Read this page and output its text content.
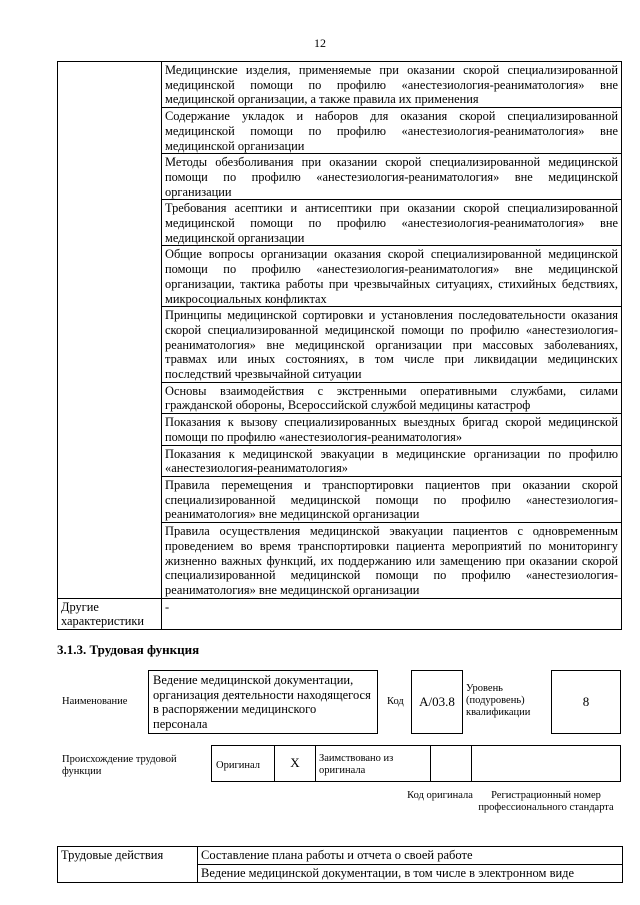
12
	Медицинские изделия, применяемые при оказании скорой специализированной медицинской помощи по профилю «анестезиология-реаниматология» вне медицинской организации, а также правила их применения
	Содержание укладок и наборов для оказания скорой специализированной медицинской помощи по профилю «анестезиология-реаниматология» вне медицинской организации
	Методы обезболивания при оказании скорой специализированной медицинской помощи по профилю «анестезиология-реаниматология» вне медицинской организации
	Требования асептики и антисептики при оказании скорой специализированной медицинской помощи по профилю «анестезиология-реаниматология» вне медицинской организации
	Общие вопросы организации оказания скорой специализированной медицинской помощи по профилю «анестезиология-реаниматология» вне медицинской организации, тактика работы при чрезвычайных ситуациях, стихийных бедствиях, микросоциальных конфликтах
	Принципы медицинской сортировки и установления последовательности оказания скорой специализированной медицинской помощи по профилю «анестезиология-реаниматология» вне медицинской организации при массовых заболеваниях, травмах или иных состояниях, в том числе при ликвидации медицинских последствий чрезвычайной ситуации
	Основы взаимодействия с экстренными оперативными службами, силами гражданской обороны, Всероссийской службой медицины катастроф
	Показания к вызову специализированных выездных бригад скорой медицинской помощи по профилю «анестезиология-реаниматология»
	Показания к медицинской эвакуации в медицинские организации по профилю «анестезиология-реаниматология»
	Правила перемещения и транспортировки пациентов при оказании скорой специализированной медицинской помощи по профилю «анестезиология-реаниматология» вне медицинской организации
	Правила осуществления медицинской эвакуации пациентов с одновременным проведением во время транспортировки пациента мероприятий по мониторингу жизненно важных функций, их поддержанию или замещению при оказании скорой специализированной медицинской помощи по профилю «анестезиология-реаниматология» вне медицинской организации
Другие характеристики	-
3.1.3. Трудовая функция
Наименование
Ведение медицинской документации, организация деятельности находящегося в распоряжении медицинского персонала
Код	A/03.8
Уровень (подуровень) квалификации
8
Происхождение трудовой функции
Оригинал	X	Заимствовано из оригинала
Код оригинала	Регистрационный номер профессионального стандарта
Трудовые действия	Составление плана работы и отчета о своей работе
Ведение медицинской документации, в том числе в электронном виде
